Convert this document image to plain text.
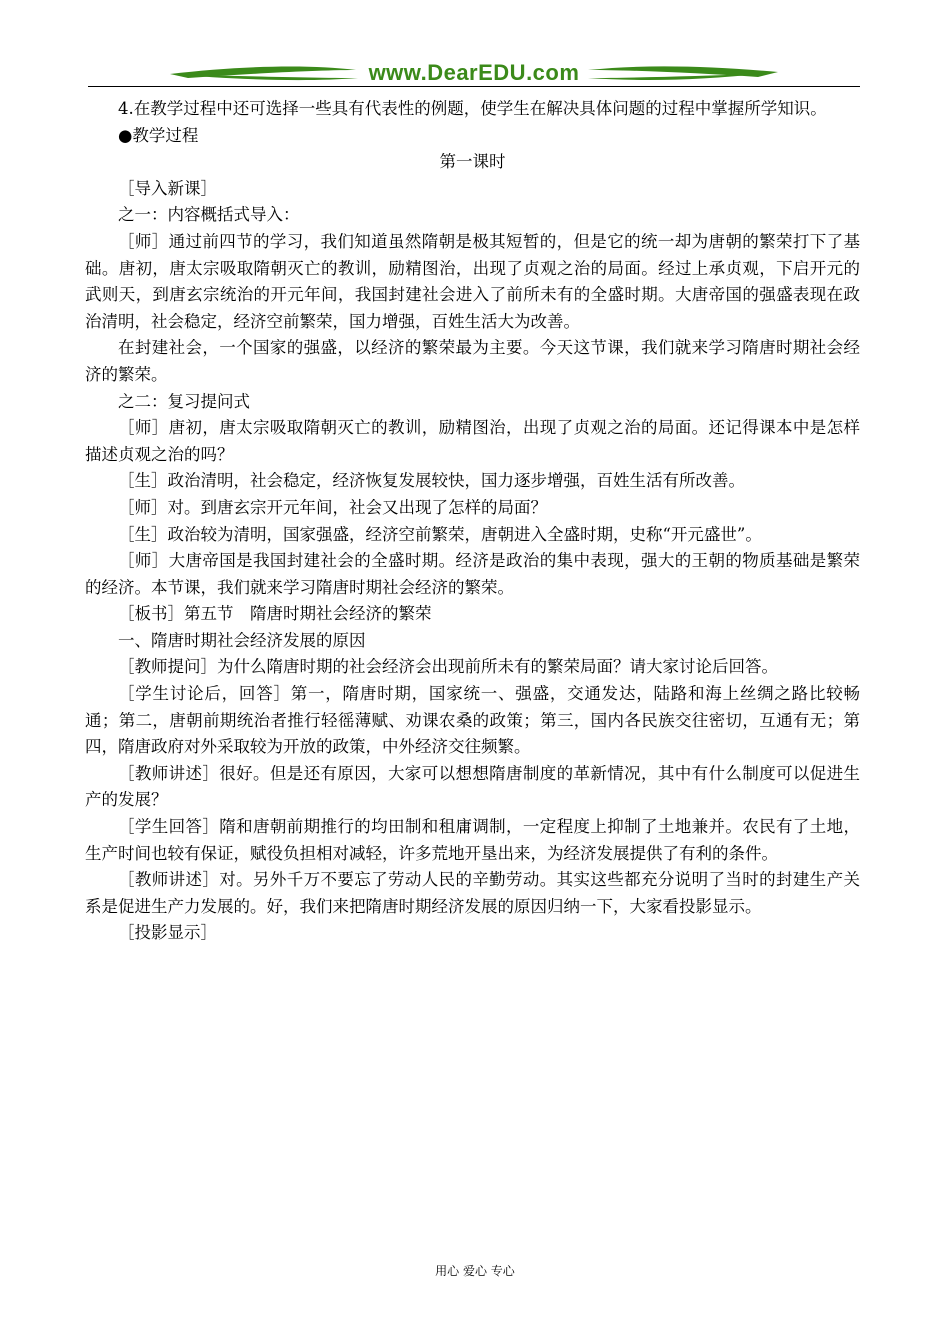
www.DearEDU.com

4.在教学过程中还可选择一些具有代表性的例题，使学生在解决具体问题的过程中掌握所学知识。

●教学过程

第一课时

［导入新课］

之一：内容概括式导入：

［师］通过前四节的学习，我们知道虽然隋朝是极其短暂的，但是它的统一却为唐朝的繁荣打下了基础。唐初，唐太宗吸取隋朝灭亡的教训，励精图治，出现了贞观之治的局面。经过上承贞观，下启开元的武则天，到唐玄宗统治的开元年间，我国封建社会进入了前所未有的全盛时期。大唐帝国的强盛表现在政治清明，社会稳定，经济空前繁荣，国力增强，百姓生活大为改善。

在封建社会，一个国家的强盛，以经济的繁荣最为主要。今天这节课，我们就来学习隋唐时期社会经济的繁荣。

之二：复习提问式

［师］唐初，唐太宗吸取隋朝灭亡的教训，励精图治，出现了贞观之治的局面。还记得课本中是怎样描述贞观之治的吗？

［生］政治清明，社会稳定，经济恢复发展较快，国力逐步增强，百姓生活有所改善。

［师］对。到唐玄宗开元年间，社会又出现了怎样的局面？

［生］政治较为清明，国家强盛，经济空前繁荣，唐朝进入全盛时期，史称“开元盛世”。

［师］大唐帝国是我国封建社会的全盛时期。经济是政治的集中表现，强大的王朝的物质基础是繁荣的经济。本节课，我们就来学习隋唐时期社会经济的繁荣。

［板书］第五节　隋唐时期社会经济的繁荣

一、隋唐时期社会经济发展的原因

［教师提问］为什么隋唐时期的社会经济会出现前所未有的繁荣局面？请大家讨论后回答。

［学生讨论后，回答］第一，隋唐时期，国家统一、强盛，交通发达，陆路和海上丝绸之路比较畅通；第二，唐朝前期统治者推行轻徭薄赋、劝课农桑的政策；第三，国内各民族交往密切，互通有无；第四，隋唐政府对外采取较为开放的政策，中外经济交往频繁。

［教师讲述］很好。但是还有原因，大家可以想想隋唐制度的革新情况，其中有什么制度可以促进生产的发展？

［学生回答］隋和唐朝前期推行的均田制和租庸调制，一定程度上抑制了土地兼并。农民有了土地，生产时间也较有保证，赋役负担相对减轻，许多荒地开垦出来，为经济发展提供了有利的条件。

［教师讲述］对。另外千万不要忘了劳动人民的辛勤劳动。其实这些都充分说明了当时的封建生产关系是促进生产力发展的。好，我们来把隋唐时期经济发展的原因归纳一下，大家看投影显示。

［投影显示］

用心 爱心 专心
